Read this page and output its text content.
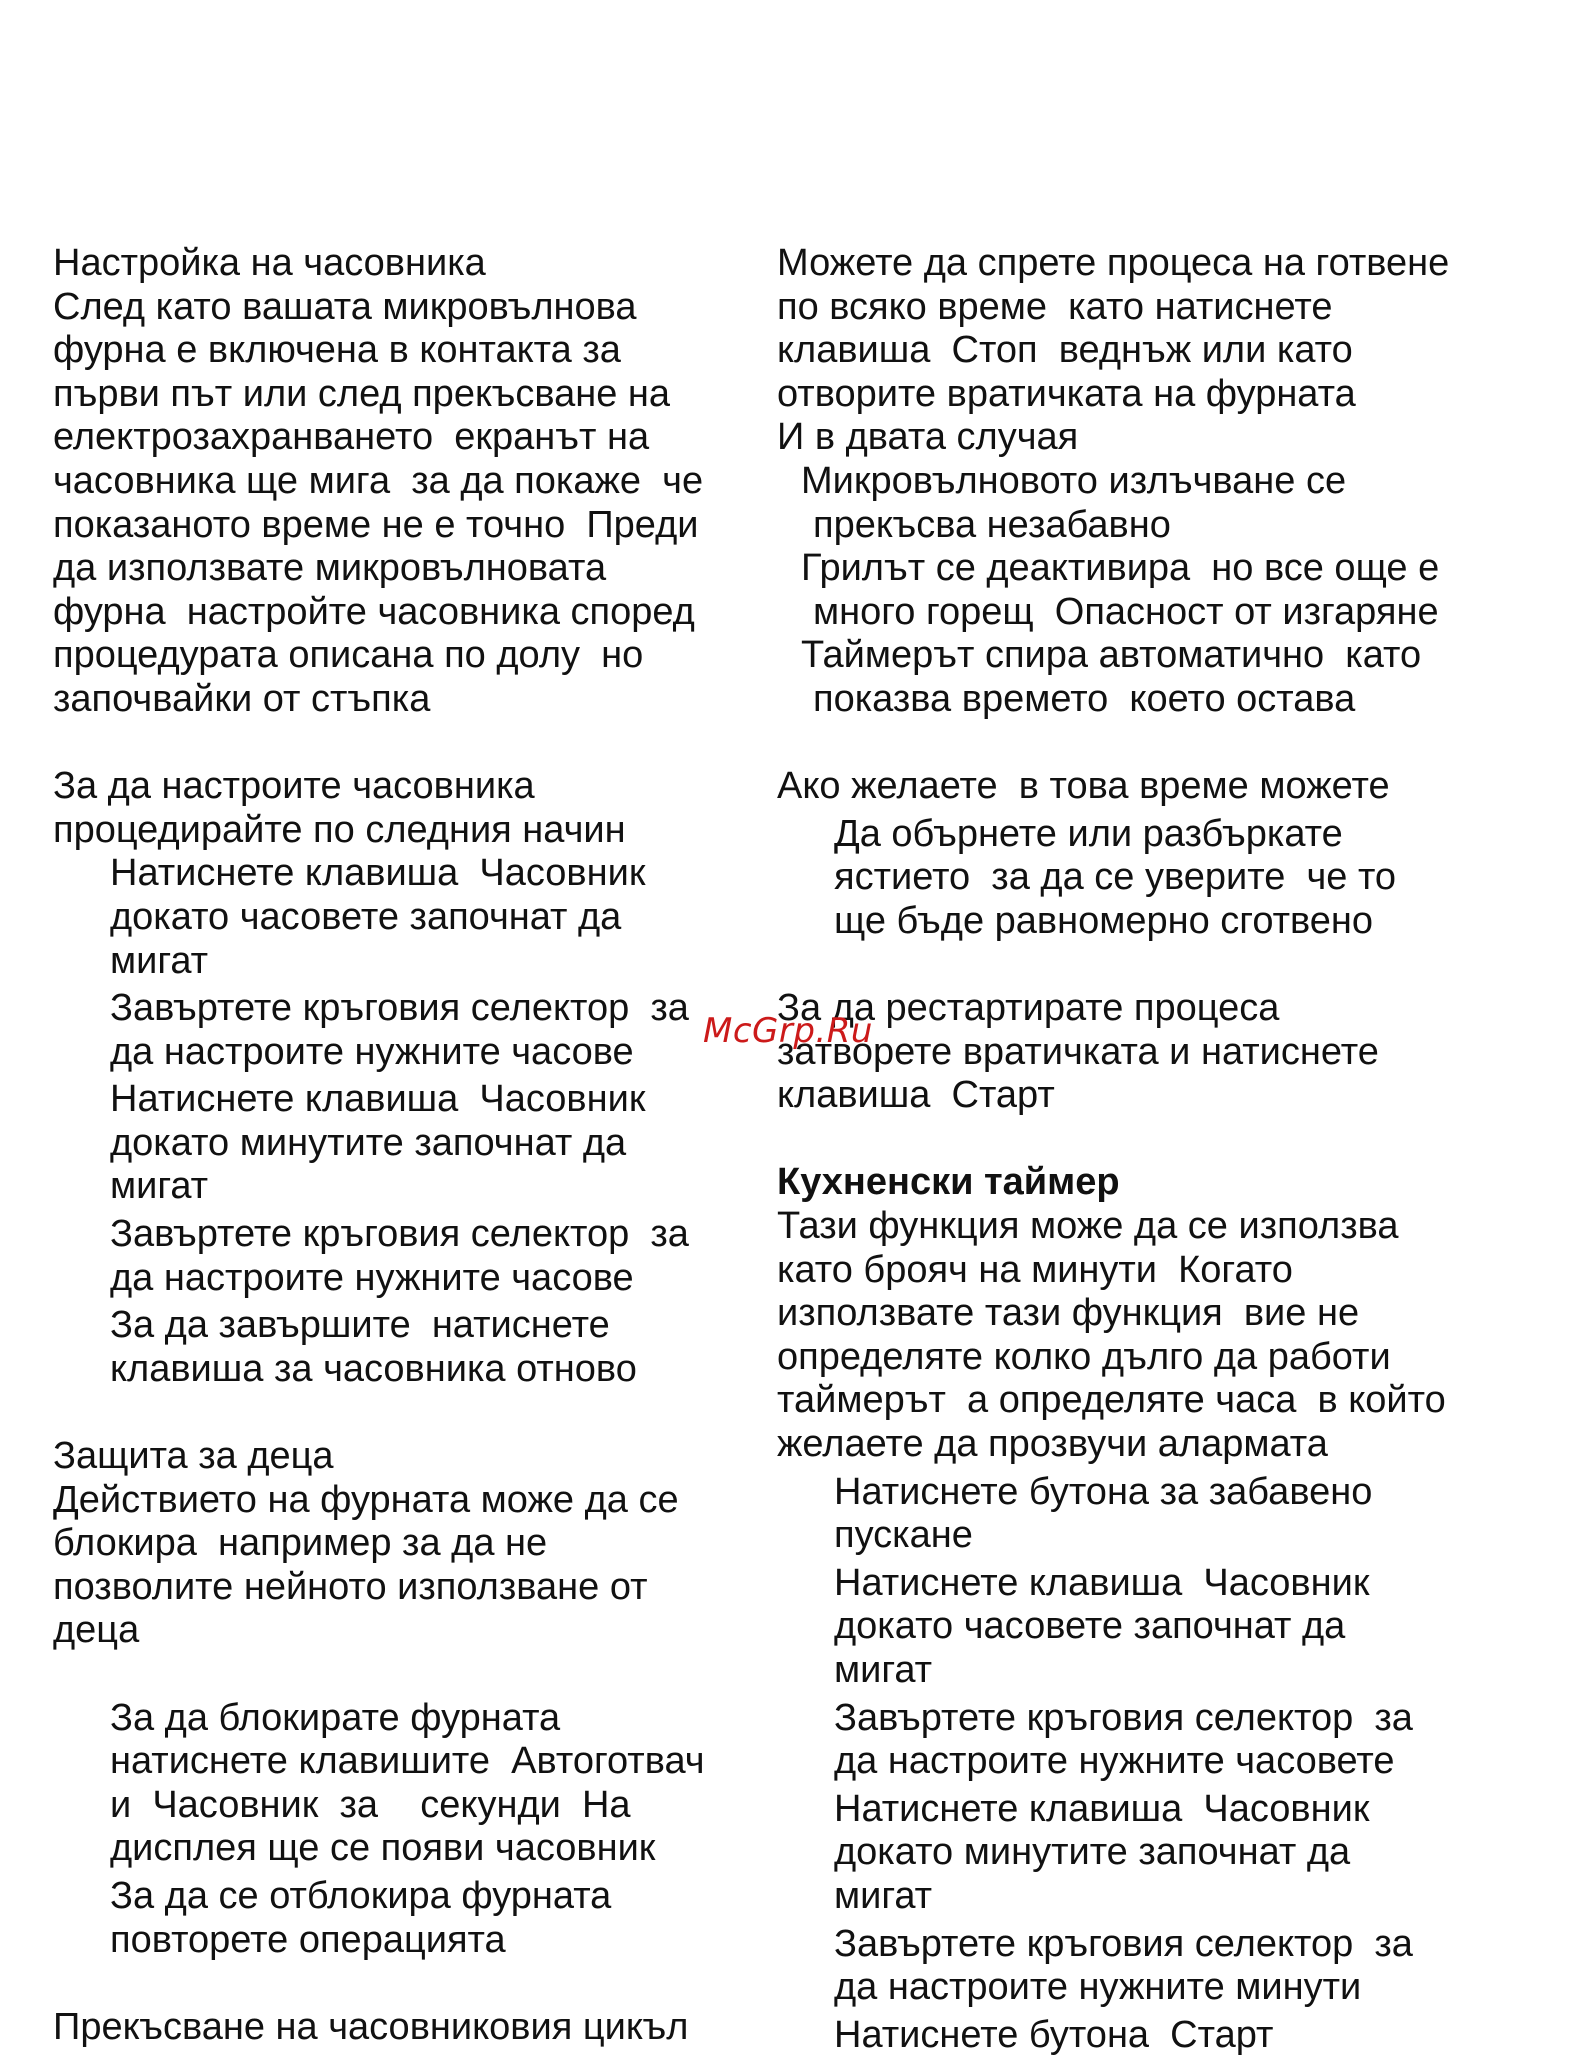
Настройка на часовника
След като вашата микровълнова
фурна е включена в контакта за
първи път или след прекъсване на
електрозахранването  екранът на
часовника ще мига  за да покаже  че
показаното време не е точно  Преди
да използвате микровълновата
фурна  настройте часовника според
процедурата описана по долу  но
започвайки от стъпка
За да настроите часовника
процедирайте по следния начин
Натиснете клавиша  Часовник
докато часовете започнат да
мигат
Завъртете кръговия селектор  за
да настроите нужните часове
Натиснете клавиша  Часовник
докато минутите започнат да
мигат
Завъртете кръговия селектор  за
да настроите нужните часове
За да завършите  натиснете
клавиша за часовника отново
Защита за деца
Действието на фурната може да се
блокира  например за да не
позволите нейното използване от
деца
За да блокирате фурната
натиснете клавишите  Автоготвач
и  Часовник  за    секунди  На
дисплея ще се появи часовник
За да се отблокира фурната
повторете операцията
Прекъсване на часовниковия цикъл
Можете да спрете процеса на готвене
по всяко време  като натиснете
клавиша  Стоп  веднъж или като
отворите вратичката на фурната
И в двата случая
Микровълновото излъчване се
прекъсва незабавно
Грилът се деактивира  но все още е
много горещ  Опасност от изгаряне
Таймерът спира автоматично  като
показва времето  което остава
Ако желаете  в това време можете
Да обърнете или разбъркате
ястието  за да се уверите  че то
ще бъде равномерно сготвено
За да рестартирате процеса
затворете вратичката и натиснете
клавиша  Старт
Кухненски таймер
Тази функция може да се използва
като брояч на минути  Когато
използвате тази функция  вие не
определяте колко дълго да работи
таймерът  а определяте часа  в който
желаете да прозвучи алармата
Натиснете бутона за забавено
пускане
Натиснете клавиша  Часовник
докато часовете започнат да
мигат
Завъртете кръговия селектор  за
да настроите нужните часовете
Натиснете клавиша  Часовник
докато минутите започнат да
мигат
Завъртете кръговия селектор  за
да настроите нужните минути
Натиснете бутона  Старт
McGrp.Ru
